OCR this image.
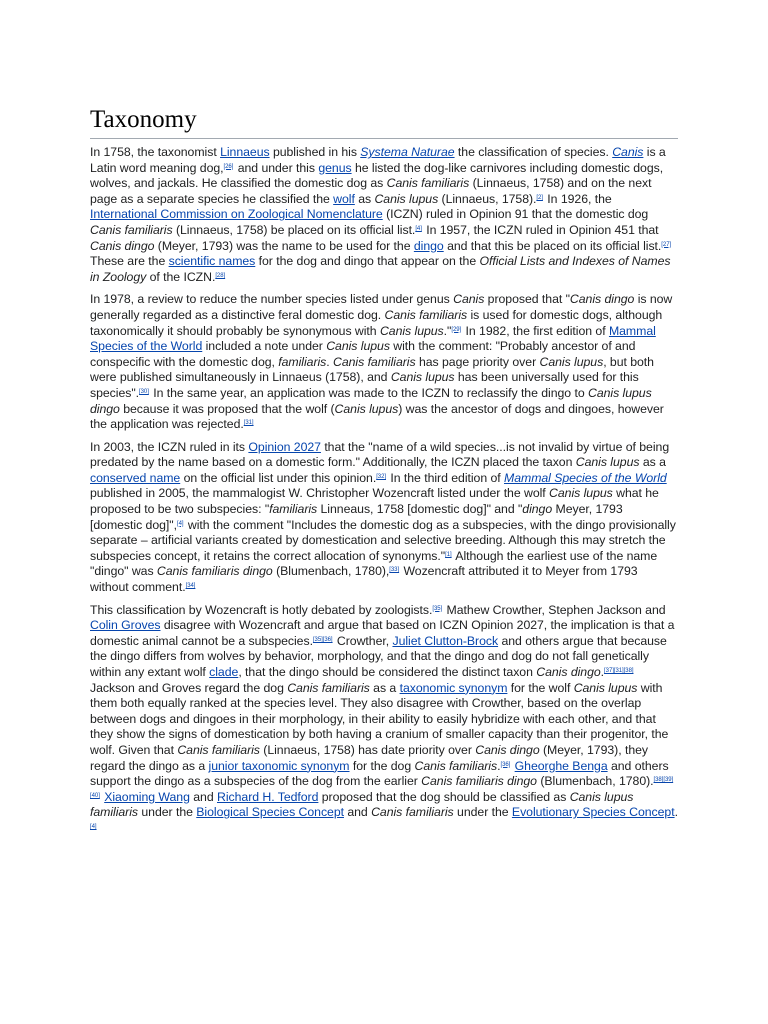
Taxonomy

In 1758, the taxonomist Linnaeus published in his Systema Naturae the classification of species. Canis is a Latin word meaning dog,[26] and under this genus he listed the dog-like carnivores including domestic dogs, wolves, and jackals. He classified the domestic dog as Canis familiaris (Linnaeus, 1758) and on the next page as a separate species he classified the wolf as Canis lupus (Linnaeus, 1758).[2] In 1926, the International Commission on Zoological Nomenclature (ICZN) ruled in Opinion 91 that the domestic dog Canis familiaris (Linnaeus, 1758) be placed on its official list.[4] In 1957, the ICZN ruled in Opinion 451 that Canis dingo (Meyer, 1793) was the name to be used for the dingo and that this be placed on its official list.[27] These are the scientific names for the dog and dingo that appear on the Official Lists and Indexes of Names in Zoology of the ICZN.[28]

In 1978, a review to reduce the number species listed under genus Canis proposed that "Canis dingo is now generally regarded as a distinctive feral domestic dog. Canis familiaris is used for domestic dogs, although taxonomically it should probably be synonymous with Canis lupus."[29] In 1982, the first edition of Mammal Species of the World included a note under Canis lupus with the comment: "Probably ancestor of and conspecific with the domestic dog, familiaris. Canis familiaris has page priority over Canis lupus, but both were published simultaneously in Linnaeus (1758), and Canis lupus has been universally used for this species".[30] In the same year, an application was made to the ICZN to reclassify the dingo to Canis lupus dingo because it was proposed that the wolf (Canis lupus) was the ancestor of dogs and dingoes, however the application was rejected.[31]

In 2003, the ICZN ruled in its Opinion 2027 that the "name of a wild species...is not invalid by virtue of being predated by the name based on a domestic form." Additionally, the ICZN placed the taxon Canis lupus as a conserved name on the official list under this opinion.[32] In the third edition of Mammal Species of the World published in 2005, the mammalogist W. Christopher Wozencraft listed under the wolf Canis lupus what he proposed to be two subspecies: "familiaris Linneaus, 1758 [domestic dog]" and "dingo Meyer, 1793 [domestic dog]",[4] with the comment "Includes the domestic dog as a subspecies, with the dingo provisionally separate – artificial variants created by domestication and selective breeding. Although this may stretch the subspecies concept, it retains the correct allocation of synonyms."[1] Although the earliest use of the name "dingo" was Canis familiaris dingo (Blumenbach, 1780),[33] Wozencraft attributed it to Meyer from 1793 without comment.[34]

This classification by Wozencraft is hotly debated by zoologists.[35] Mathew Crowther, Stephen Jackson and Colin Groves disagree with Wozencraft and argue that based on ICZN Opinion 2027, the implication is that a domestic animal cannot be a subspecies.[35][36] Crowther, Juliet Clutton-Brock and others argue that because the dingo differs from wolves by behavior, morphology, and that the dingo and dog do not fall genetically within any extant wolf clade, that the dingo should be considered the distinct taxon Canis dingo.[37][31][38] Jackson and Groves regard the dog Canis familiaris as a taxonomic synonym for the wolf Canis lupus with them both equally ranked at the species level. They also disagree with Crowther, based on the overlap between dogs and dingoes in their morphology, in their ability to easily hybridize with each other, and that they show the signs of domestication by both having a cranium of smaller capacity than their progenitor, the wolf. Given that Canis familiaris (Linnaeus, 1758) has date priority over Canis dingo (Meyer, 1793), they regard the dingo as a junior taxonomic synonym for the dog Canis familiaris.[36] Gheorghe Benga and others support the dingo as a subspecies of the dog from the earlier Canis familiaris dingo (Blumenbach, 1780).[38][39][40] Xiaoming Wang and Richard H. Tedford proposed that the dog should be classified as Canis lupus familiaris under the Biological Species Concept and Canis familiaris under the Evolutionary Species Concept.[4]
